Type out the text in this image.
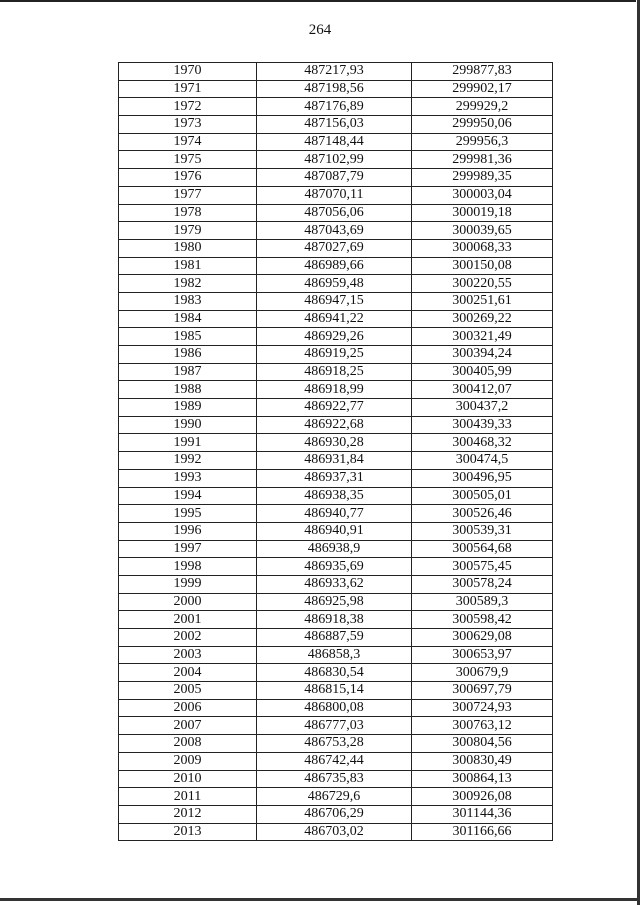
264
1970	487217,93	299877,83
1971	487198,56	299902,17
1972	487176,89	299929,2
1973	487156,03	299950,06
1974	487148,44	299956,3
1975	487102,99	299981,36
1976	487087,79	299989,35
1977	487070,11	300003,04
1978	487056,06	300019,18
1979	487043,69	300039,65
1980	487027,69	300068,33
1981	486989,66	300150,08
1982	486959,48	300220,55
1983	486947,15	300251,61
1984	486941,22	300269,22
1985	486929,26	300321,49
1986	486919,25	300394,24
1987	486918,25	300405,99
1988	486918,99	300412,07
1989	486922,77	300437,2
1990	486922,68	300439,33
1991	486930,28	300468,32
1992	486931,84	300474,5
1993	486937,31	300496,95
1994	486938,35	300505,01
1995	486940,77	300526,46
1996	486940,91	300539,31
1997	486938,9	300564,68
1998	486935,69	300575,45
1999	486933,62	300578,24
2000	486925,98	300589,3
2001	486918,38	300598,42
2002	486887,59	300629,08
2003	486858,3	300653,97
2004	486830,54	300679,9
2005	486815,14	300697,79
2006	486800,08	300724,93
2007	486777,03	300763,12
2008	486753,28	300804,56
2009	486742,44	300830,49
2010	486735,83	300864,13
2011	486729,6	300926,08
2012	486706,29	301144,36
2013	486703,02	301166,66
